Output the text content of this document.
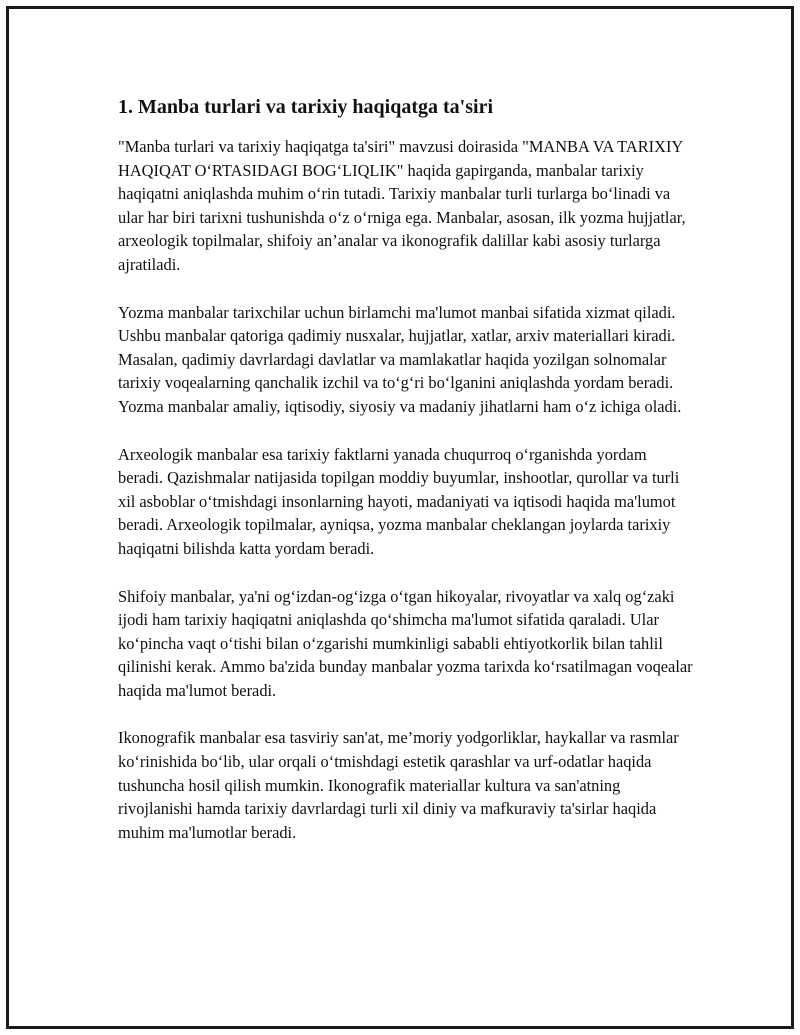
1. Manba turlari va tarixiy haqiqatga ta'siri

"Manba turlari va tarixiy haqiqatga ta'siri" mavzusi doirasida "MANBA VA TARIXIY HAQIQAT O‘RTASIDAGI BOG‘LIQLIK" haqida gapirganda, manbalar tarixiy haqiqatni aniqlashda muhim o‘rin tutadi. Tarixiy manbalar turli turlarga bo‘linadi va ular har biri tarixni tushunishda o‘z o‘rniga ega. Manbalar, asosan, ilk yozma hujjatlar, arxeologik topilmalar, shifoiy an’analar va ikonografik dalillar kabi asosiy turlarga ajratiladi.

Yozma manbalar tarixchilar uchun birlamchi ma'lumot manbai sifatida xizmat qiladi. Ushbu manbalar qatoriga qadimiy nusxalar, hujjatlar, xatlar, arxiv materiallari kiradi. Masalan, qadimiy davrlardagi davlatlar va mamlakatlar haqida yozilgan solnomalar tarixiy voqealarning qanchalik izchil va to‘g‘ri bo‘lganini aniqlashda yordam beradi. Yozma manbalar amaliy, iqtisodiy, siyosiy va madaniy jihatlarni ham o‘z ichiga oladi.

Arxeologik manbalar esa tarixiy faktlarni yanada chuqurroq o‘rganishda yordam beradi. Qazishmalar natijasida topilgan moddiy buyumlar, inshootlar, qurollar va turli xil asboblar o‘tmishdagi insonlarning hayoti, madaniyati va iqtisodi haqida ma'lumot beradi. Arxeologik topilmalar, ayniqsa, yozma manbalar cheklangan joylarda tarixiy haqiqatni bilishda katta yordam beradi.

Shifoiy manbalar, ya'ni og‘izdan-og‘izga o‘tgan hikoyalar, rivoyatlar va xalq og‘zaki ijodi ham tarixiy haqiqatni aniqlashda qo‘shimcha ma'lumot sifatida qaraladi. Ular ko‘pincha vaqt o‘tishi bilan o‘zgarishi mumkinligi sababli ehtiyotkorlik bilan tahlil qilinishi kerak. Ammo ba'zida bunday manbalar yozma tarixda ko‘rsatilmagan voqealar haqida ma'lumot beradi.

Ikonografik manbalar esa tasviriy san'at, me’moriy yodgorliklar, haykallar va rasmlar ko‘rinishida bo‘lib, ular orqali o‘tmishdagi estetik qarashlar va urf-odatlar haqida tushuncha hosil qilish mumkin. Ikonografik materiallar kultura va san'atning rivojlanishi hamda tarixiy davrlardagi turli xil diniy va mafkuraviy ta'sirlar haqida muhim ma'lumotlar beradi.
